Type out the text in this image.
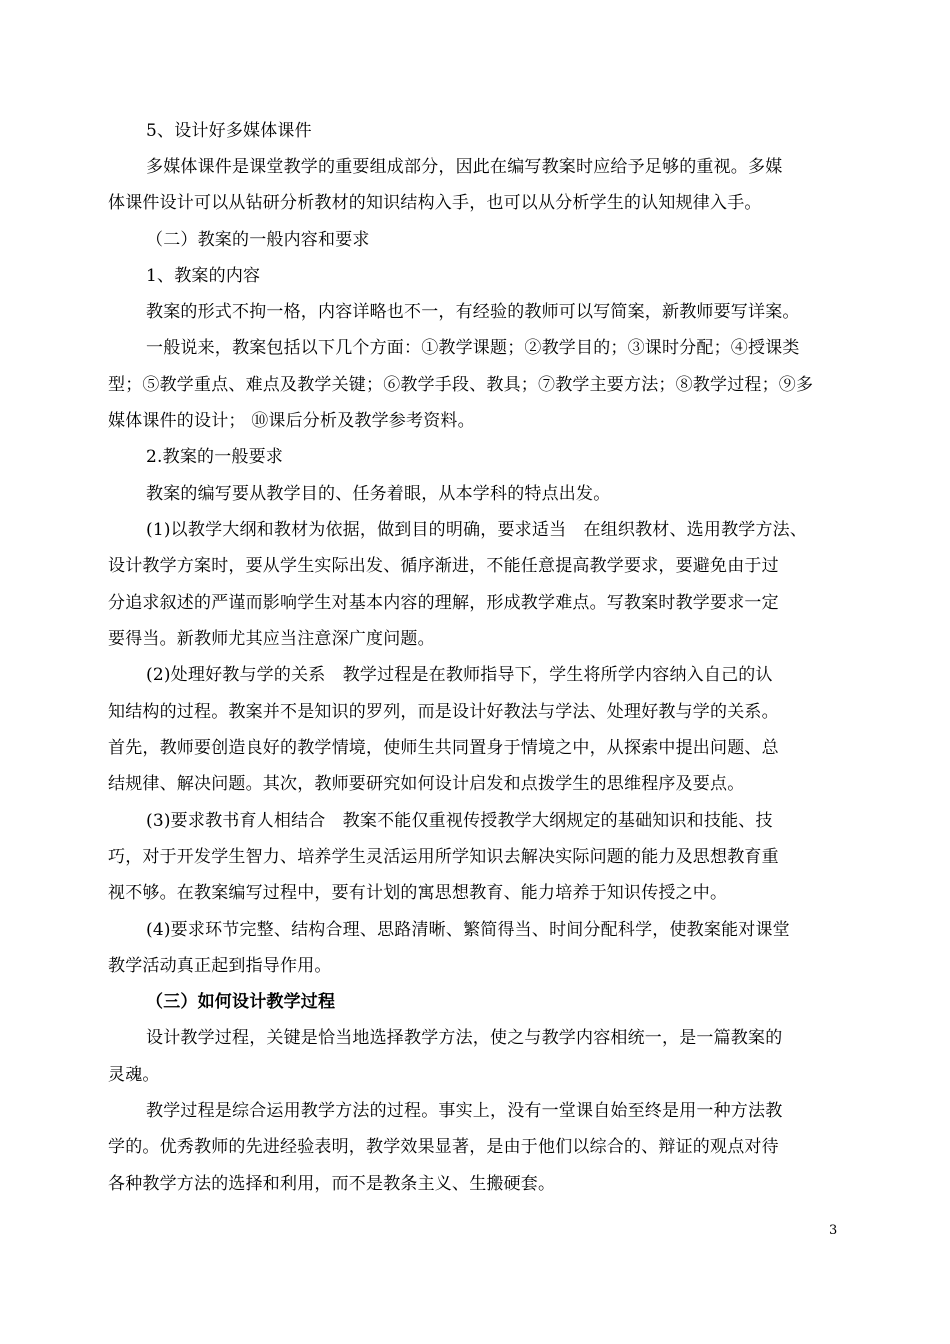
5、设计好多媒体课件
多媒体课件是课堂教学的重要组成部分，因此在编写教案时应给予足够的重视。多媒
体课件设计可以从钻研分析教材的知识结构入手，也可以从分析学生的认知规律入手。
（二）教案的一般内容和要求
1、教案的内容
教案的形式不拘一格，内容详略也不一，有经验的教师可以写简案，新教师要写详案。
一般说来，教案包括以下几个方面：①教学课题；②教学目的；③课时分配；④授课类
型；⑤教学重点、难点及教学关键；⑥教学手段、教具；⑦教学主要方法；⑧教学过程；⑨多
媒体课件的设计； ⑩课后分析及教学参考资料。
2.教案的一般要求
教案的编写要从教学目的、任务着眼，从本学科的特点出发。
(1)以教学大纲和教材为依据，做到目的明确，要求适当　在组织教材、选用教学方法、
设计教学方案时，要从学生实际出发、循序渐进，不能任意提高教学要求，要避免由于过
分追求叙述的严谨而影响学生对基本内容的理解，形成教学难点。写教案时教学要求一定
要得当。新教师尤其应当注意深广度问题。
(2)处理好教与学的关系　教学过程是在教师指导下，学生将所学内容纳入自己的认
知结构的过程。教案并不是知识的罗列，而是设计好教法与学法、处理好教与学的关系。
首先，教师要创造良好的教学情境，使师生共同置身于情境之中，从探索中提出问题、总
结规律、解决问题。其次，教师要研究如何设计启发和点拨学生的思维程序及要点。
(3)要求教书育人相结合　教案不能仅重视传授教学大纲规定的基础知识和技能、技
巧，对于开发学生智力、培养学生灵活运用所学知识去解决实际问题的能力及思想教育重
视不够。在教案编写过程中，要有计划的寓思想教育、能力培养于知识传授之中。
(4)要求环节完整、结构合理、思路清晰、繁简得当、时间分配科学，使教案能对课堂
教学活动真正起到指导作用。
（三）如何设计教学过程
设计教学过程，关键是恰当地选择教学方法，使之与教学内容相统一，是一篇教案的
灵魂。
教学过程是综合运用教学方法的过程。事实上，没有一堂课自始至终是用一种方法教
学的。优秀教师的先进经验表明，教学效果显著，是由于他们以综合的、辩证的观点对待
各种教学方法的选择和利用，而不是教条主义、生搬硬套。
3
